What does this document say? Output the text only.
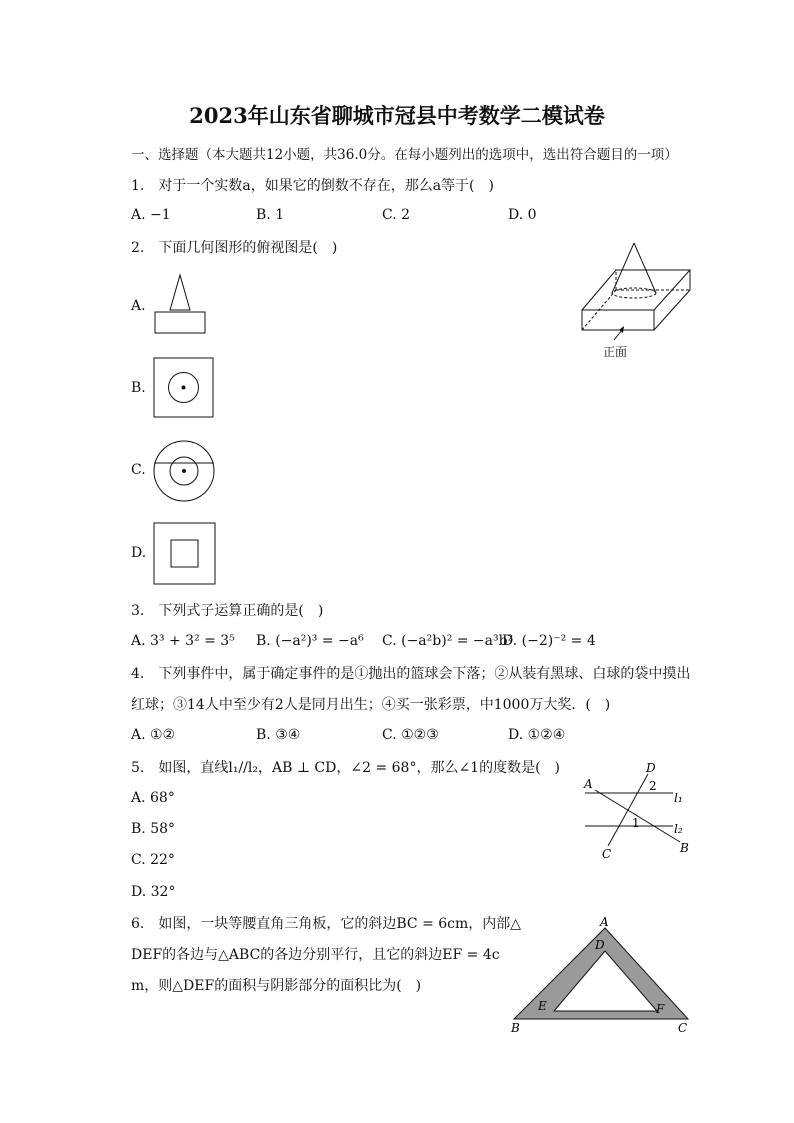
2023年山东省聊城市冠县中考数学二模试卷
一、选择题（本大题共12小题，共36.0分。在每小题列出的选项中，选出符合题目的一项）
1.　对于一个实数a，如果它的倒数不存在，那么a等于(　)
A. −1	B. 1	C. 2	D. 0
2.　下面几何图形的俯视图是(　)
正面
A.
B.
C.
D.
3.　下列式子运算正确的是(　)
A. 3³ + 3² = 3⁵ B. (−a²)³ = −a⁶ C. (−a²b)² = −a³b²
D. (−2)⁻² = 4
4.　下列事件中，属于确定事件的是①抛出的篮球会下落；②从装有黑球、白球的袋中摸出
红球；③14人中至少有2人是同月出生；④买一张彩票，中1000万大奖．(　)
A. ①②	B. ③④	C. ①②③	D. ①②④
5.　如图，直线l₁//l₂，AB ⊥ CD，∠2 = 68°，那么∠1的度数是(　)
A. 68°
B. 58°
C. 22°
D. 32°
A
D
2
l₁
1	l₂
C	B
6.　如图，一块等腰直角三角板，它的斜边BC = 6cm，内部△
DEF的各边与△ABC的各边分别平行，且它的斜边EF = 4c
m，则△DEF的面积与阴影部分的面积比为(　)
A
D
E	F
B	C
